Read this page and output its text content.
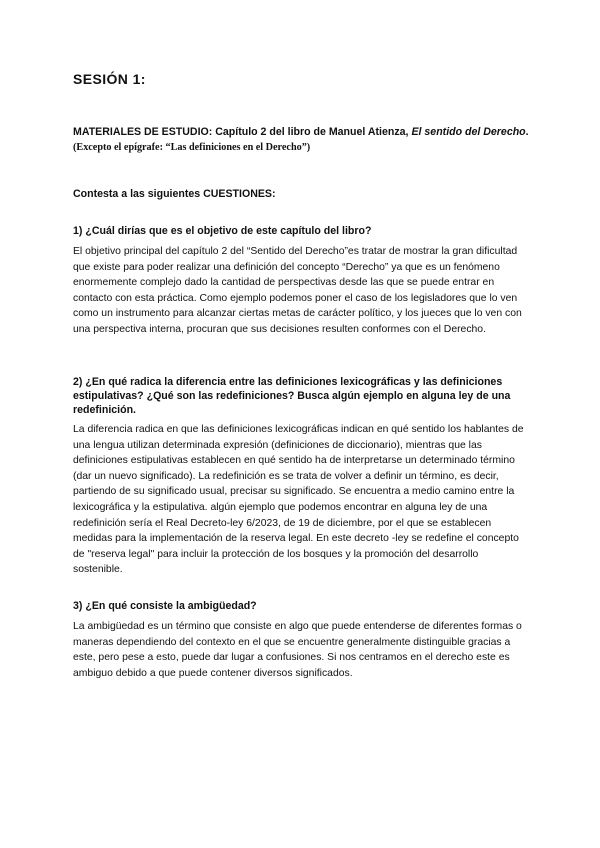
SESIÓN 1:

MATERIALES DE ESTUDIO: Capítulo 2 del libro de Manuel Atienza, El sentido del Derecho. (Excepto el epígrafe: “Las definiciones en el Derecho”)

Contesta a las siguientes CUESTIONES:

1) ¿Cuál dirías que es el objetivo de este capítulo del libro?

El objetivo principal del capítulo 2 del “Sentido del Derecho”es tratar de mostrar la gran dificultad que existe para poder realizar una definición del concepto “Derecho” ya que es un fenómeno enormemente complejo dado la cantidad de perspectivas desde las que se puede entrar en contacto con esta práctica. Como ejemplo podemos poner el caso de los legisladores que lo ven como un instrumento para alcanzar ciertas metas de carácter político, y los jueces que lo ven con una perspectiva interna, procuran que sus decisiones resulten conformes con el Derecho.

2) ¿En qué radica la diferencia entre las definiciones lexicográficas y las definiciones estipulativas? ¿Qué son las redefiniciones? Busca algún ejemplo en alguna ley de una redefinición.

La diferencia radica en que las definiciones lexicográficas indican en qué sentido los hablantes de una lengua utilizan determinada expresión (definiciones de diccionario), mientras que las definiciones estipulativas establecen en qué sentido ha de interpretarse un determinado término (dar un nuevo significado). La redefinición es se trata de volver a definir un término, es decir, partiendo de su significado usual, precisar su significado. Se encuentra a medio camino entre la lexicográfica y la estipulativa. algún ejemplo que podemos encontrar en alguna ley de una redefinición sería el Real Decreto-ley 6/2023, de 19 de diciembre, por el que se establecen medidas para la implementación de la reserva legal. En este decreto -ley se redefine el concepto de "reserva legal" para incluir la protección de los bosques y la promoción del desarrollo sostenible.

3) ¿En qué consiste la ambigüedad?

La ambigüedad es un término que consiste en algo que puede entenderse de diferentes formas o maneras dependiendo del contexto en el que se encuentre generalmente distinguible gracias a este, pero pese a esto, puede dar lugar a confusiones. Si nos centramos en el derecho este es ambiguo debido a que puede contener diversos significados.
